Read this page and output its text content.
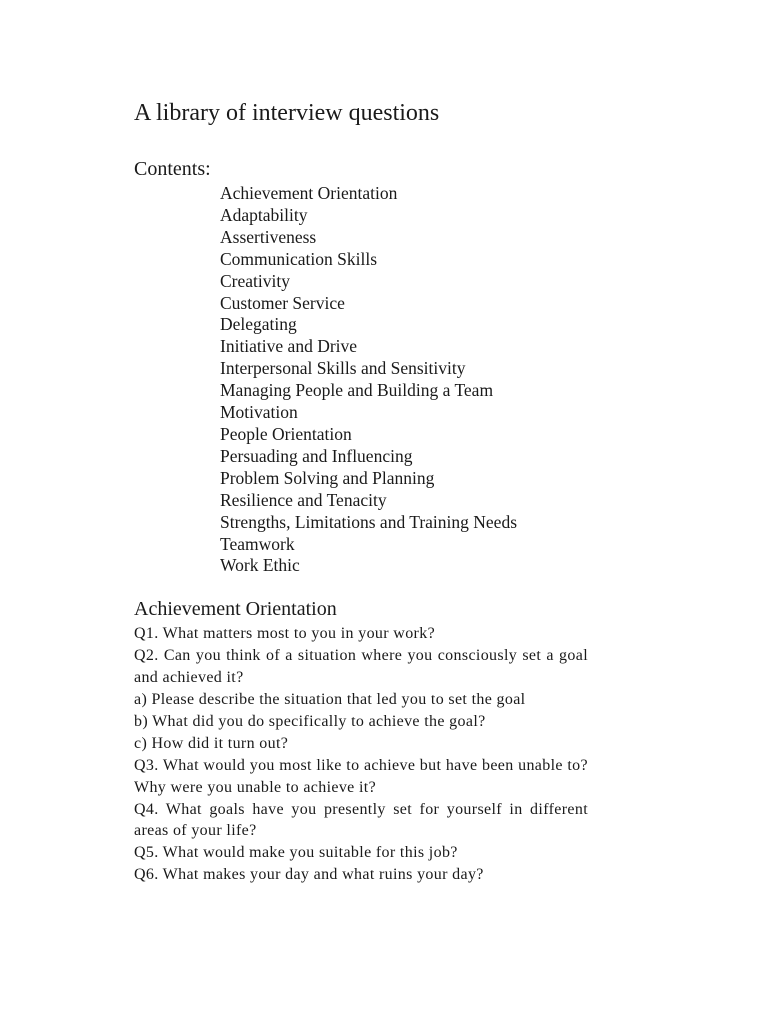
A library of interview questions
Contents:
Achievement Orientation
Adaptability
Assertiveness
Communication Skills
Creativity
Customer Service
Delegating
Initiative and Drive
Interpersonal Skills and Sensitivity
Managing People and Building a Team
Motivation
People Orientation
Persuading and Influencing
Problem Solving and Planning
Resilience and Tenacity
Strengths, Limitations and Training Needs
Teamwork
Work Ethic
Achievement Orientation

Q1. What matters most to you in your work?

Q2. Can you think of a situation where you consciously set a goal and achieved it?

a) Please describe the situation that led you to set the goal

b) What did you do specifically to achieve the goal?

c) How did it turn out?

Q3. What would you most like to achieve but have been unable to? Why were you unable to achieve it?

Q4. What goals have you presently set for yourself in different areas of your life?

Q5. What would make you suitable for this job?

Q6. What makes your day and what ruins your day?
